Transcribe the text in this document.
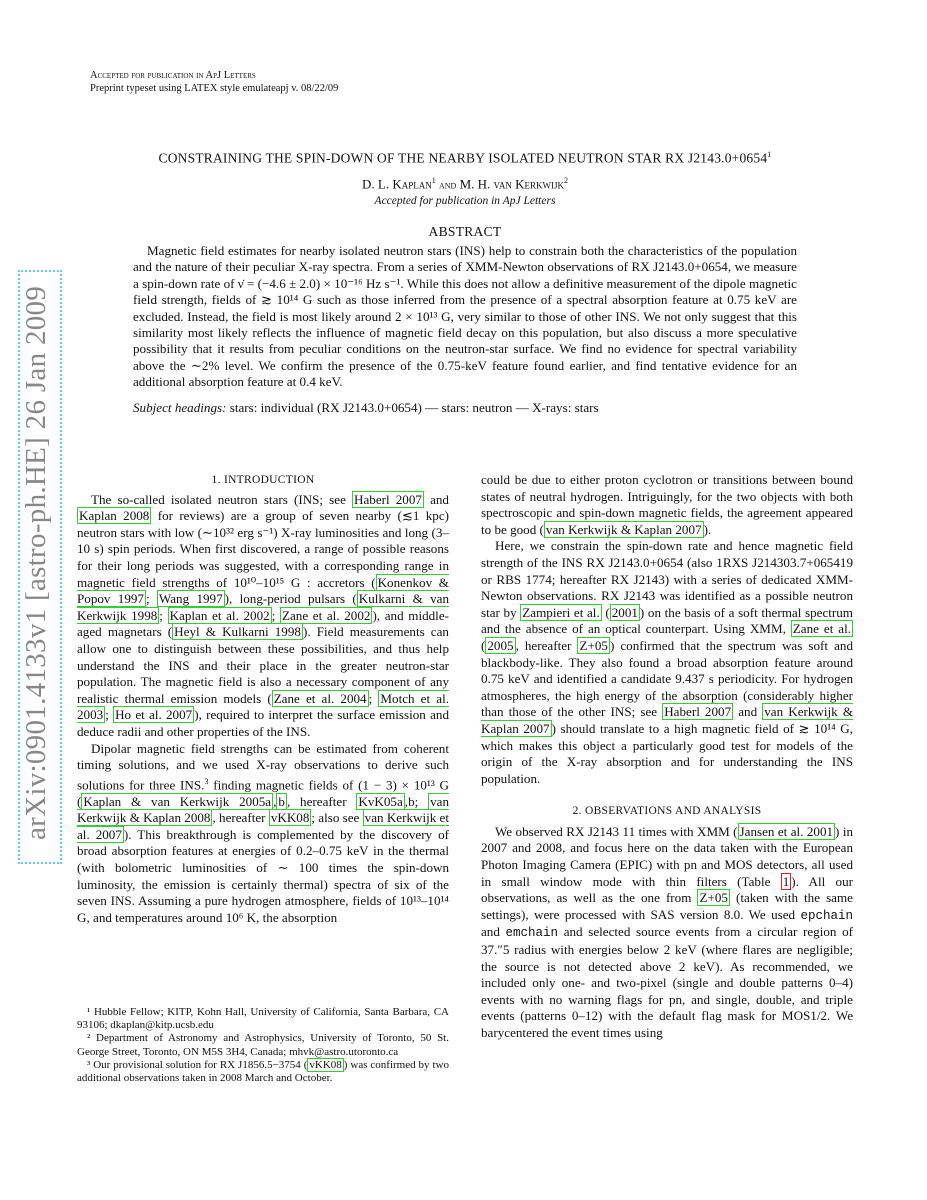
Accepted for publication in ApJ Letters
Preprint typeset using LATEX style emulateapj v. 08/22/09
arXiv:0901.4133v1 [astro-ph.HE] 26 Jan 2009
CONSTRAINING THE SPIN-DOWN OF THE NEARBY ISOLATED NEUTRON STAR RX $J2143.0+0654^1$
D. L. Kaplan$^1$ and M. H. van Kerkwijk$^2$
Accepted for publication in ApJ Letters
ABSTRACT

Magnetic field estimates for nearby isolated neutron stars (INS) help to constrain both the characteristics of the population and the nature of their peculiar X-ray spectra. From a series of XMM-Newton observations of RX J2143.0+0654, we measure a spin-down rate of ν̇ = (−4.6 ± 2.0) × 10⁻¹⁶ Hz s⁻¹. While this does not allow a definitive measurement of the dipole magnetic field strength, fields of ≳ 10¹⁴ G such as those inferred from the presence of a spectral absorption feature at 0.75 keV are excluded. Instead, the field is most likely around 2 × 10¹³ G, very similar to those of other INS. We not only suggest that this similarity most likely reflects the influence of magnetic field decay on this population, but also discuss a more speculative possibility that it results from peculiar conditions on the neutron-star surface. We find no evidence for spectral variability above the ∼2% level. We confirm the presence of the 0.75-keV feature found earlier, and find tentative evidence for an additional absorption feature at 0.4 keV.

Subject headings: stars: individual (RX J2143.0+0654) — stars: neutron — X-rays: stars

1. INTRODUCTION

The so-called isolated neutron stars (INS; see Haberl 2007 and Kaplan 2008 for reviews) are a group of seven nearby (≲1 kpc) neutron stars with low (∼10³² erg s⁻¹) X-ray luminosities and long (3–10 s) spin periods. When first discovered, a range of possible reasons for their long periods was suggested, with a corresponding range in magnetic field strengths of 10¹⁰–10¹⁵ G : accretors ( Konenkov & Popov 1997 ; Wang 1997 ), long-period pulsars ( Kulkarni & van Kerkwijk 1998 ; Kaplan et al. 2002 ; Zane et al. 2002 ), and middle-aged magnetars ( Heyl & Kulkarni 1998 ). Field measurements can allow one to distinguish between these possibilities, and thus help understand the INS and their place in the greater neutron-star population. The magnetic field is also a necessary component of any realistic thermal emission models ( Zane et al. 2004 ; Motch et al. 2003 ; Ho et al. 2007 ), required to interpret the surface emission and deduce radii and other properties of the INS.

Dipolar magnetic field strengths can be estimated from coherent timing solutions, and we used X-ray observations to derive such solutions for three INS.$^3$ finding magnetic fields of (1 − 3) × 10¹³ G ( Kaplan & van Kerkwijk 2005a , b , hereafter KvK05a ,b; van Kerkwijk & Kaplan 2008 , hereafter vKK08 ; also see van Kerkwijk et al. 2007 ). This breakthrough is complemented by the discovery of broad absorption features at energies of 0.2–0.75 keV in the thermal (with bolometric luminosities of ∼ 100 times the spin-down luminosity, the emission is certainly thermal) spectra of six of the seven INS. Assuming a pure hydrogen atmosphere, fields of 10¹³–10¹⁴ G, and temperatures around 10⁶ K, the absorption

¹ Hubble Fellow; KITP, Kohn Hall, University of California, Santa Barbara, CA 93106; dkaplan@kitp.ucsb.edu

² Department of Astronomy and Astrophysics, University of Toronto, 50 St. George Street, Toronto, ON M5S 3H4, Canada; mhvk@astro.utoronto.ca

³ Our provisional solution for RX J1856.5−3754 ( vKK08 ) was confirmed by two additional observations taken in 2008 March and October.

could be due to either proton cyclotron or transitions between bound states of neutral hydrogen. Intriguingly, for the two objects with both spectroscopic and spin-down magnetic fields, the agreement appeared to be good ( van Kerkwijk & Kaplan 2007 ).

Here, we constrain the spin-down rate and hence magnetic field strength of the INS RX J2143.0+0654 (also 1RXS J214303.7+065419 or RBS 1774; hereafter RX J2143) with a series of dedicated XMM-Newton observations. RX J2143 was identified as a possible neutron star by Zampieri et al. ( 2001 ) on the basis of a soft thermal spectrum and the absence of an optical counterpart. Using XMM, Zane et al. ( 2005 , hereafter Z+05 ) confirmed that the spectrum was soft and blackbody-like. They also found a broad absorption feature around 0.75 keV and identified a candidate 9.437 s periodicity. For hydrogen atmospheres, the high energy of the absorption (considerably higher than those of the other INS; see Haberl 2007 and van Kerkwijk & Kaplan 2007 ) should translate to a high magnetic field of ≳ 10¹⁴ G, which makes this object a particularly good test for models of the origin of the X-ray absorption and for understanding the INS population.

2. OBSERVATIONS AND ANALYSIS

We observed RX J2143 11 times with XMM ( Jansen et al. 2001 ) in 2007 and 2008, and focus here on the data taken with the European Photon Imaging Camera (EPIC) with pn and MOS detectors, all used in small window mode with thin filters (Table 1 ). All our observations, as well as the one from Z+05 (taken with the same settings), were processed with SAS version 8.0. We used epchain and emchain and selected source events from a circular region of 37.″5 radius with energies below 2 keV (where flares are negligible; the source is not detected above 2 keV). As recommended, we included only one- and two-pixel (single and double patterns 0–4) events with no warning flags for pn, and single, double, and triple events (patterns 0–12) with the default flag mask for MOS1/2. We barycentered the event times using
